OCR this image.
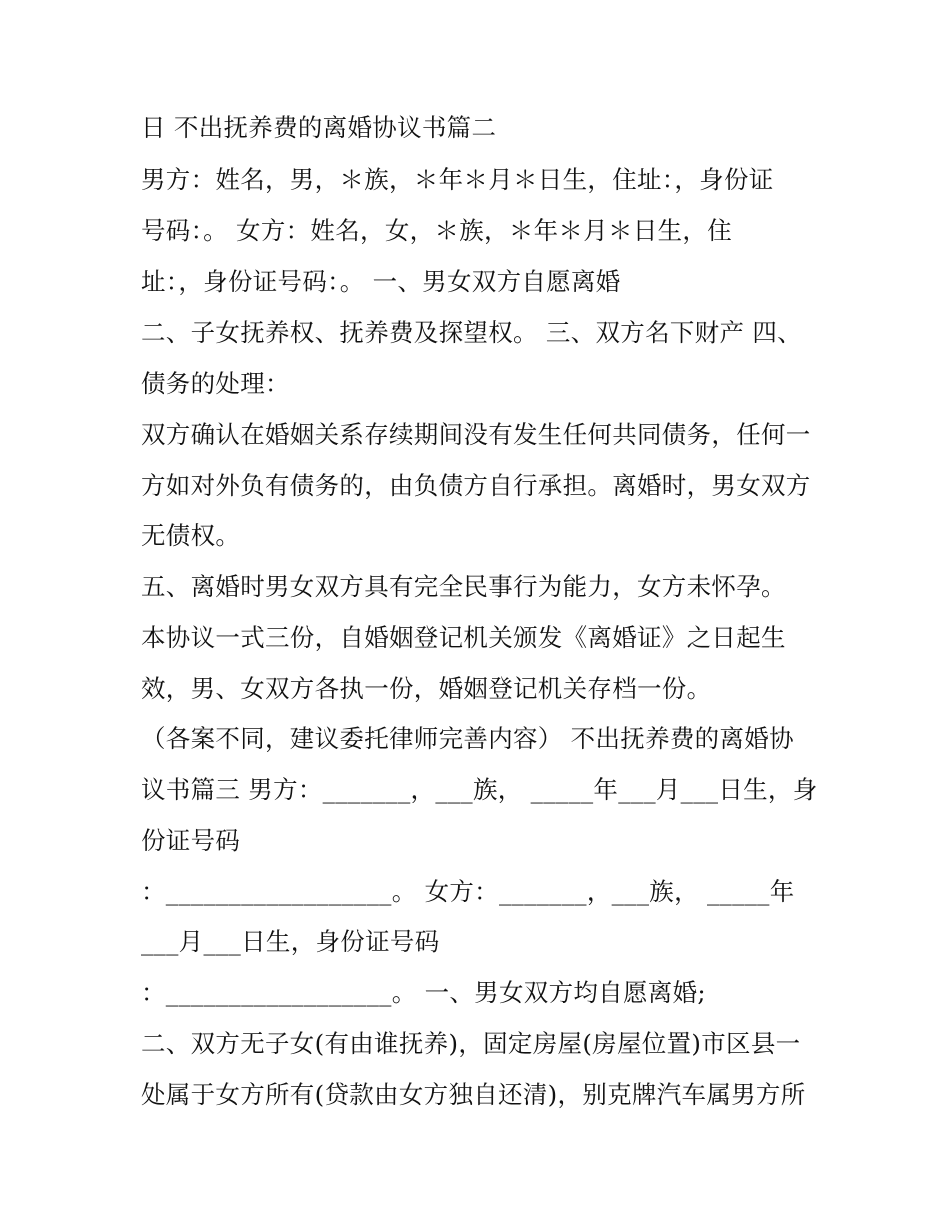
日 不出抚养费的离婚协议书篇二
男方：姓名，男，＊族，＊年＊月＊日生，住址：，身份证
号码：。 女方：姓名，女，＊族，＊年＊月＊日生，住
址：，身份证号码：。 一、男女双方自愿离婚
二、子女抚养权、抚养费及探望权。 三、双方名下财产 四、
债务的处理：
双方确认在婚姻关系存续期间没有发生任何共同债务，任何一
方如对外负有债务的，由负债方自行承担。离婚时，男女双方
无债权。
五、离婚时男女双方具有完全民事行为能力，女方未怀孕。
本协议一式三份，自婚姻登记机关颁发《离婚证》之日起生
效，男、女双方各执一份，婚姻登记机关存档一份。
（各案不同，建议委托律师完善内容） 不出抚养费的离婚协
议书篇三 男方：_______，___族， _____年___月___日生，身
份证号码
：__________________。 女方：_______，___族， _____年
___月___日生，身份证号码
：__________________。 一、男女双方均自愿离婚;
二、双方无子女(有由谁抚养)，固定房屋(房屋位置)市区县一
处属于女方所有(贷款由女方独自还清)，别克牌汽车属男方所
